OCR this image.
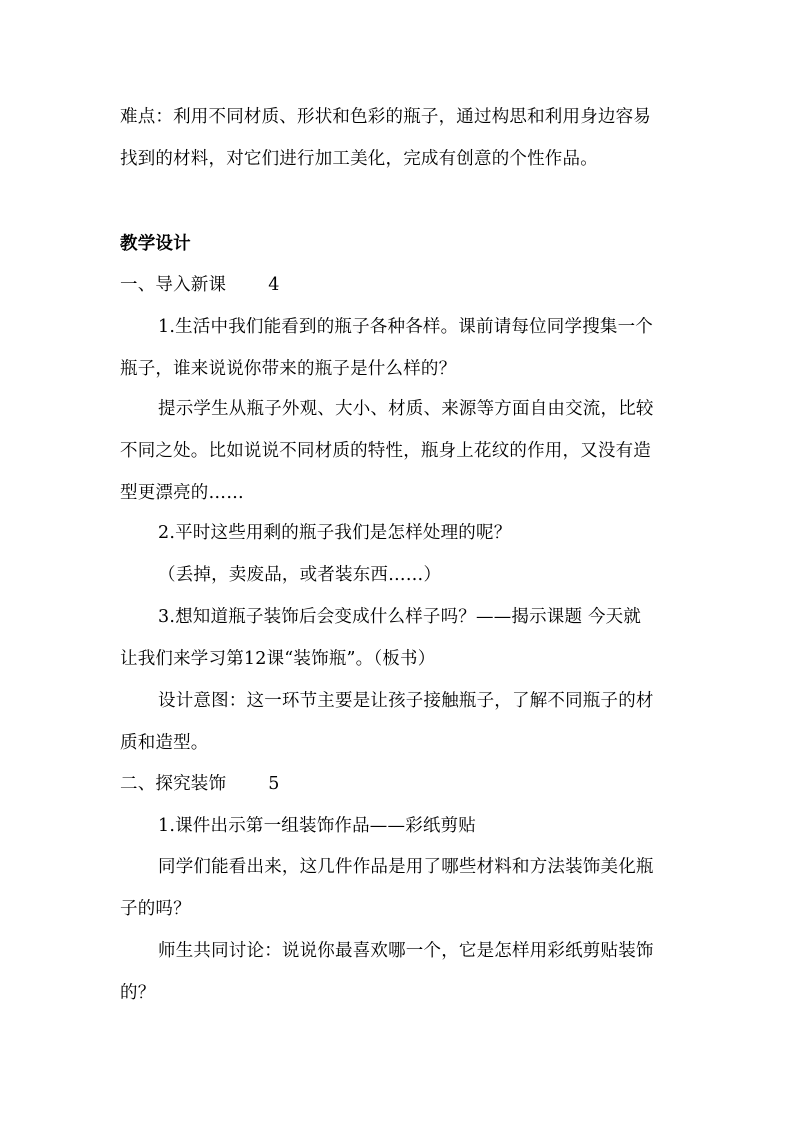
难点：利用不同材质、形状和色彩的瓶子，通过构思和利用身边容易
找到的材料，对它们进行加工美化，完成有创意的个性作品。
教学设计
一、导入新课 4
1.生活中我们能看到的瓶子各种各样。课前请每位同学搜集一个
瓶子，谁来说说你带来的瓶子是什么样的？
提示学生从瓶子外观、大小、材质、来源等方面自由交流，比较
不同之处。比如说说不同材质的特性，瓶身上花纹的作用，又没有造
型更漂亮的……
2.平时这些用剩的瓶子我们是怎样处理的呢？
（丢掉，卖废品，或者装东西……）
3.想知道瓶子装饰后会变成什么样子吗？——揭示课题 今天就
让我们来学习第12课“装饰瓶”。（板书）
设计意图：这一环节主要是让孩子接触瓶子，了解不同瓶子的材
质和造型。
二、探究装饰 5
1.课件出示第一组装饰作品——彩纸剪贴
同学们能看出来，这几件作品是用了哪些材料和方法装饰美化瓶
子的吗？
师生共同讨论：说说你最喜欢哪一个，它是怎样用彩纸剪贴装饰
的？
